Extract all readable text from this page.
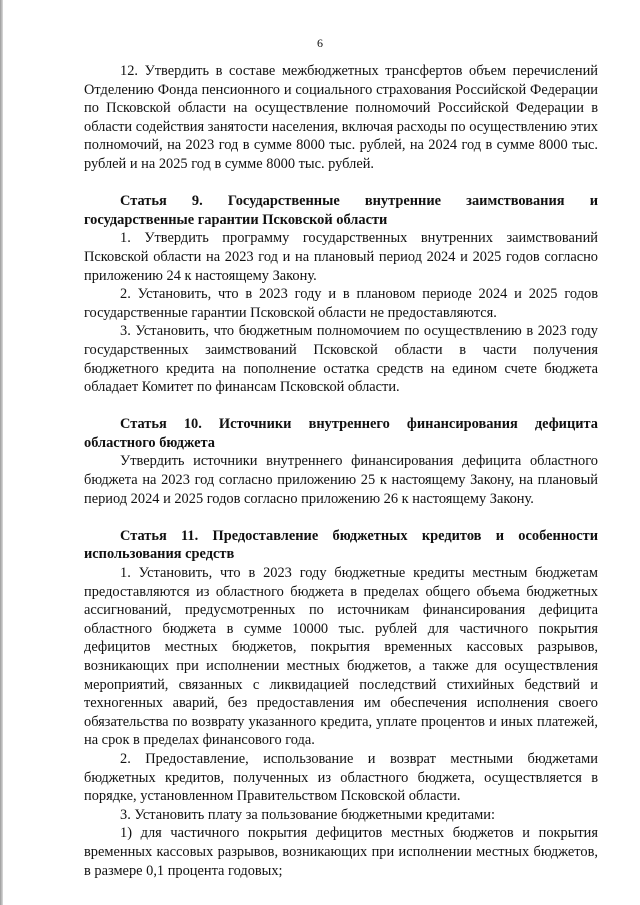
6

12. Утвердить в составе межбюджетных трансфертов объем перечислений Отделению Фонда пенсионного и социального страхования Российской Федерации по Псковской области на осуществление полномочий Российской Федерации в области содействия занятости населения, включая расходы по осуществлению этих полномочий, на 2023 год в сумме 8000 тыс. рублей, на 2024 год в сумме 8000 тыс. рублей и на 2025 год в сумме 8000 тыс. рублей.

Статья 9. Государственные внутренние заимствования и государственные гарантии Псковской области

1. Утвердить программу государственных внутренних заимствований Псковской области на 2023 год и на плановый период 2024 и 2025 годов согласно приложению 24 к настоящему Закону.

2. Установить, что в 2023 году и в плановом периоде 2024 и 2025 годов государственные гарантии Псковской области не предоставляются.

3. Установить, что бюджетным полномочием по осуществлению в 2023 году государственных заимствований Псковской области в части получения бюджетного кредита на пополнение остатка средств на едином счете бюджета обладает Комитет по финансам Псковской области.

Статья 10. Источники внутреннего финансирования дефицита областного бюджета

Утвердить источники внутреннего финансирования дефицита областного бюджета на 2023 год согласно приложению 25 к настоящему Закону, на плановый период 2024 и 2025 годов согласно приложению 26 к настоящему Закону.

Статья 11. Предоставление бюджетных кредитов и особенности использования средств

1. Установить, что в 2023 году бюджетные кредиты местным бюджетам предоставляются из областного бюджета в пределах общего объема бюджетных ассигнований, предусмотренных по источникам финансирования дефицита областного бюджета в сумме 10000 тыс. рублей для частичного покрытия дефицитов местных бюджетов, покрытия временных кассовых разрывов, возникающих при исполнении местных бюджетов, а также для осуществления мероприятий, связанных с ликвидацией последствий стихийных бедствий и техногенных аварий, без предоставления им обеспечения исполнения своего обязательства по возврату указанного кредита, уплате процентов и иных платежей, на срок в пределах финансового года.

2. Предоставление, использование и возврат местными бюджетами бюджетных кредитов, полученных из областного бюджета, осуществляется в порядке, установленном Правительством Псковской области.

3. Установить плату за пользование бюджетными кредитами:

1) для частичного покрытия дефицитов местных бюджетов и покрытия временных кассовых разрывов, возникающих при исполнении местных бюджетов, в размере 0,1 процента годовых;
